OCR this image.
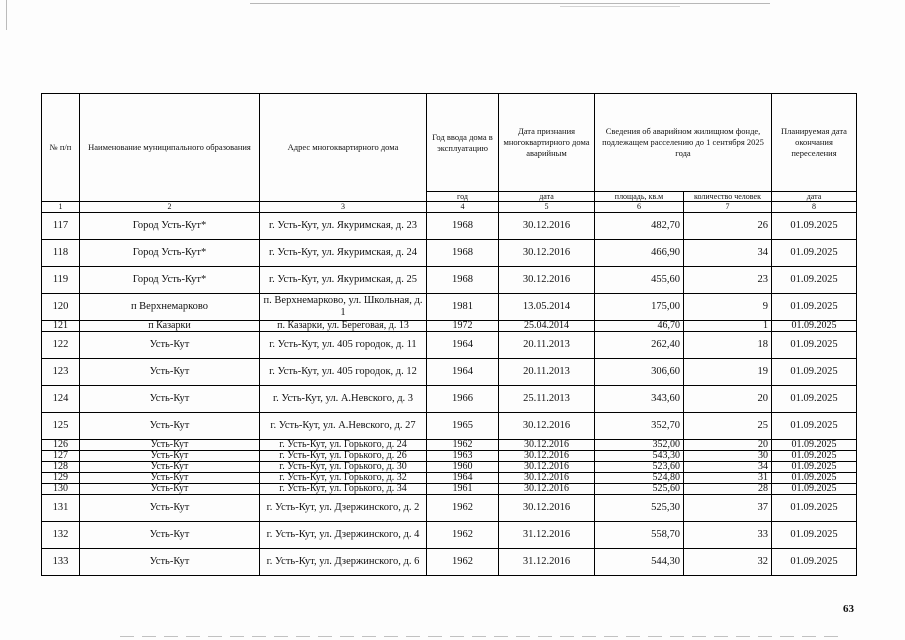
№ п/п	Наименование муниципального образования	Адрес многоквартирного дома	Год ввода дома в эксплуатацию	Дата признания многоквартирного дома аварийным	Сведения об аварийном жилищном фонде, подлежащем расселению до 1 сентября 2025 года		Планируемая дата окончания переселения
			год	дата	площадь, кв.м	количество человек	дата
1	2	3	4	5	6	7	8
117	Город Усть-Кут*	г. Усть-Кут, ул. Якуримская, д. 23	1968	30.12.2016	482,70	26	01.09.2025
118	Город Усть-Кут*	г. Усть-Кут, ул. Якуримская, д. 24	1968	30.12.2016	466,90	34	01.09.2025
119	Город Усть-Кут*	г. Усть-Кут, ул. Якуримская, д. 25	1968	30.12.2016	455,60	23	01.09.2025
120	п Верхнемарково	п. Верхнемарково, ул. Школьная, д. 1	1981	13.05.2014	175,00	9	01.09.2025
121	п Казарки	п. Казарки, ул. Береговая, д. 13	1972	25.04.2014	46,70	1	01.09.2025
122	Усть-Кут	г. Усть-Кут, ул. 405 городок, д. 11	1964	20.11.2013	262,40	18	01.09.2025
123	Усть-Кут	г. Усть-Кут, ул. 405 городок, д. 12	1964	20.11.2013	306,60	19	01.09.2025
124	Усть-Кут	г. Усть-Кут, ул. А.Невского, д. 3	1966	25.11.2013	343,60	20	01.09.2025
125	Усть-Кут	г. Усть-Кут, ул. А.Невского, д. 27	1965	30.12.2016	352,70	25	01.09.2025
126	Усть-Кут	г. Усть-Кут, ул. Горького, д. 24	1962	30.12.2016	352,00	20	01.09.2025
127	Усть-Кут	г. Усть-Кут, ул. Горького, д. 26	1963	30.12.2016	543,30	30	01.09.2025
128	Усть-Кут	г. Усть-Кут, ул. Горького, д. 30	1960	30.12.2016	523,60	34	01.09.2025
129	Усть-Кут	г. Усть-Кут, ул. Горького, д. 32	1964	30.12.2016	524,80	31	01.09.2025
130	Усть-Кут	г. Усть-Кут, ул. Горького, д. 34	1961	30.12.2016	525,60	28	01.09.2025
131	Усть-Кут	г. Усть-Кут, ул. Дзержинского, д. 2	1962	30.12.2016	525,30	37	01.09.2025
132	Усть-Кут	г. Усть-Кут, ул. Дзержинского, д. 4	1962	31.12.2016	558,70	33	01.09.2025
133	Усть-Кут	г. Усть-Кут, ул. Дзержинского, д. 6	1962	31.12.2016	544,30	32	01.09.2025
63
